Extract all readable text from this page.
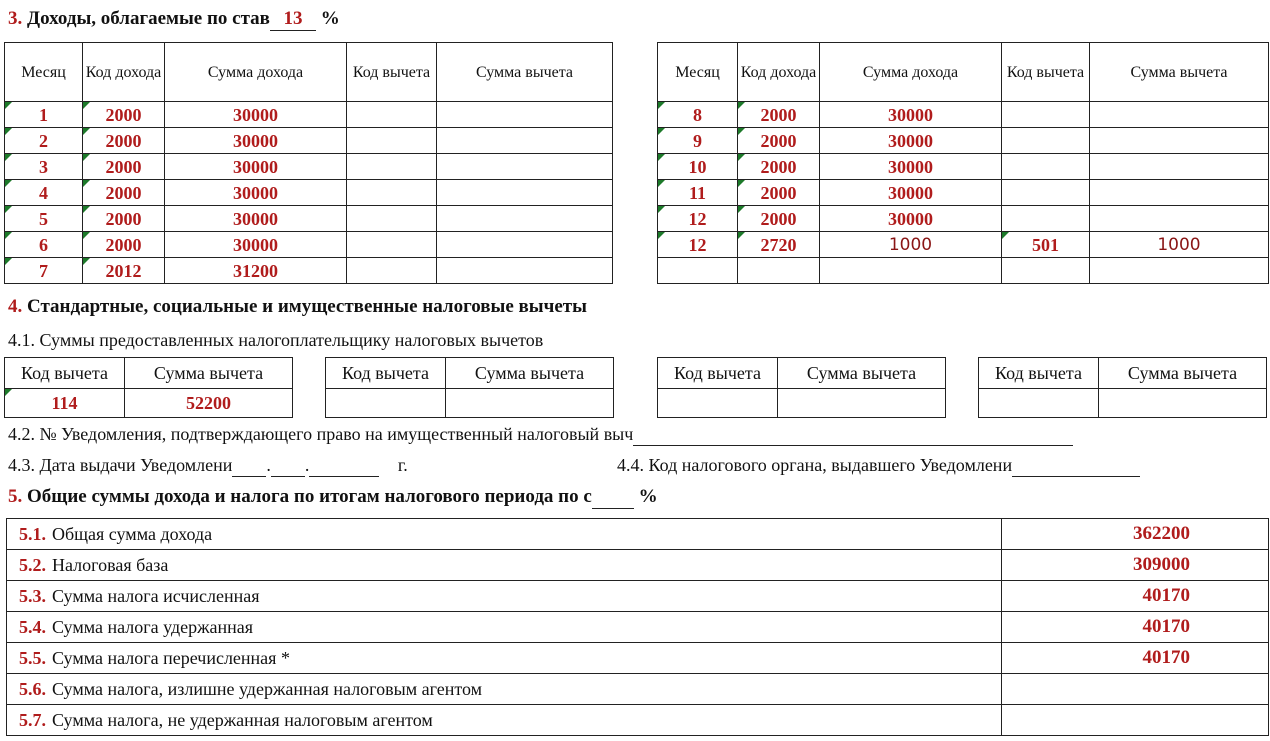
3. Доходы, облагаемые по став 13 %
Месяц	Код дохода	Сумма дохода	Код вычета	Сумма вычета
1	2000	30000		
2	2000	30000		
3	2000	30000		
4	2000	30000		
5	2000	30000		
6	2000	30000		
7	2012	31200		
Месяц	Код дохода	Сумма дохода	Код вычета	Сумма вычета
8	2000	30000		
9	2000	30000		
10	2000	30000		
11	2000	30000		
12	2000	30000		
12	2720	1000	501	1000

4. Стандартные, социальные и имущественные налоговые вычеты
4.1. Суммы предоставленных налогоплательщику налоговых вычетов
Код вычета	Сумма вычета
114	52200
Код вычета	Сумма вычета
		Код вычета	Сумма вычета
		Код вычета	Сумма вычета

4.2. № Уведомления, подтверждающего право на имущественный налоговый выч
4.3. Дата выдачи Уведомлени . .	г.	4.4. Код налогового органа, выдавшего Уведомлени
5. Общие суммы дохода и налога по итогам налогового периода по с %
5.1. Общая сумма дохода	362200
5.2. Налоговая база	309000
5.3. Сумма налога исчисленная	40170
5.4. Сумма налога удержанная	40170
5.5. Сумма налога перечисленная *	40170
5.6. Сумма налога, излишне удержанная налоговым агентом	
5.7. Сумма налога, не удержанная налоговым агентом	
